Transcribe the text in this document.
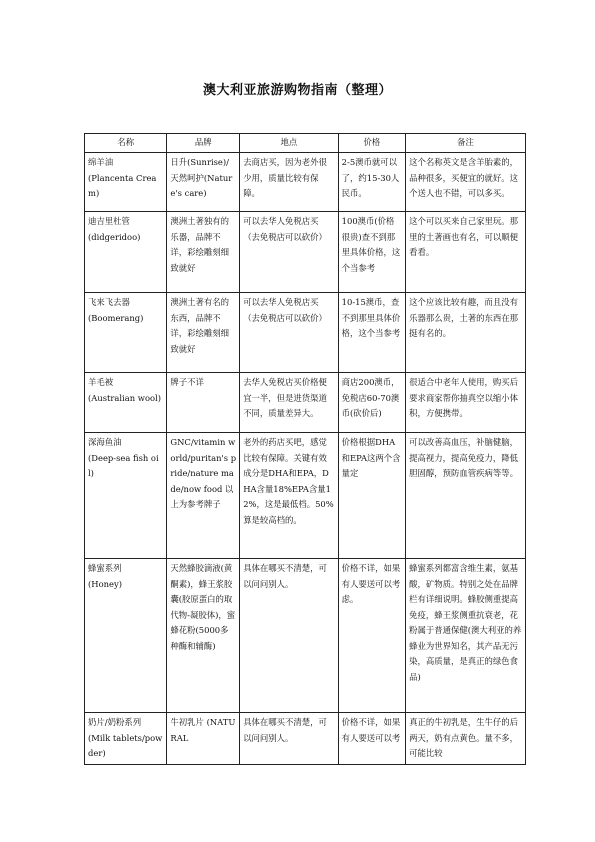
澳大利亚旅游购物指南（整理）
名称	品牌	地点	价格	备注

绵羊油
(Plancenta Cream)	日升(Sunrise)/天然呵护(Nature's care)	去商店买，因为老外很少用，质量比较有保障。	2-5澳币就可以了，约15-30人民币。	这个名称英文是含羊胎素的，品种很多，买便宜的就好。这个送人也不错，可以多买。

迪吉里杜管
(didgeridoo)	澳洲土著独有的乐器，品牌不详，彩绘雕刻细致就好	可以去华人免税店买（去免税店可以砍价）	100澳币(价格很贵)查不到那里具体价格，这个当参考	这个可以买来自己家里玩。那里的土著画也有名，可以顺便看看。

飞来飞去器
(Boomerang)	澳洲土著有名的东西，品牌不详，彩绘雕刻细致就好	可以去华人免税店买（去免税店可以砍价）	10-15澳币，查不到那里具体价格，这个当参考	这个应该比较有趣，而且没有乐器那么贵，土著的东西在那挺有名的。

羊毛被
(Australian wool)	牌子不详	去华人免税店买价格便宜一半，但是进货渠道不同，质量差异大。	商店200澳币，免税店60-70澳币(砍价后)	很适合中老年人使用，购买后要求商家帮你抽真空以缩小体积，方便携带。

深海鱼油
(Deep-sea fish oil)	GNC/vitamin world/puritan's pride/nature made/now food 以上为参考牌子	老外的药店买吧，感觉比较有保障。关键有效成分是DHA和EPA，DHA含量18%EPA含量12%，这是最低档。50%算是较高档的。	价格根据DHA和EPA这两个含量定	可以改善高血压，补脑健脑，提高视力，提高免疫力，降低胆固醇，预防血管疾病等等。

蜂蜜系列
(Honey)	天然蜂胶滴液(黄酮素)，蜂王浆胶囊(胶原蛋白的取代物-凝胶体)，蜜蜂花粉(5000多种酶和辅酶)	具体在哪买不清楚，可以问问别人。	价格不详，如果有人要送可以考虑。	蜂蜜系列都富含维生素，氨基酸，矿物质。特别之处在品牌栏有详细说明。蜂胶侧重提高免疫，蜂王浆侧重抗衰老，花粉属于普通保健(澳大利亚的养蜂业为世界知名，其产品无污染，高质量，是真正的绿色食品)

奶片/奶粉系列
(Milk tablets/powder)	牛初乳片 (NATURAL	具体在哪买不清楚，可以问问别人。	价格不详，如果有人要送可以考	真正的牛初乳是，生牛仔的后两天，奶有点黄色。量不多，可能比较
